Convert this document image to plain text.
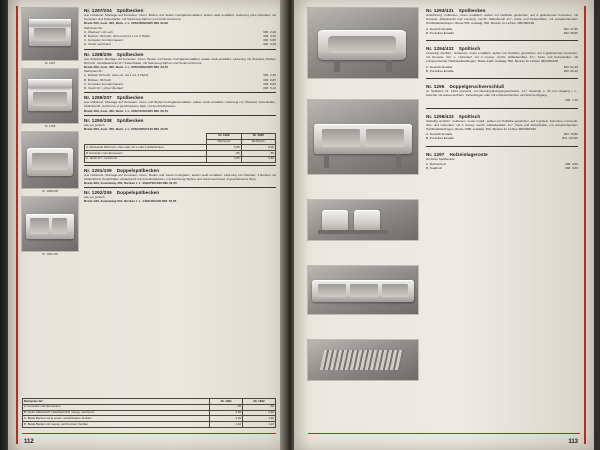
Nr. 1287
Nr. 1288
Nr. 1289/208
Nr. 1291/109
Nr. 1287/204 Spülbecken
aus Usbelonit. Montage auf Konsolen. Innen, Boden und Seiten hochglanzemailliert, außen weiß emailliert. Lieferung ohne Überlauf, mit Konsolen und Kettenhalter, mit Steinzeug-Siphon und Ventil verchromt.
Breite 500, Ausl. 400, Beck. t. L. 525/C380/C285 RM. 32,90
Mehrpreis für:
A. Überlauf, mit Loch	RM. 2,20
B. Rücken, 80 hoch, ohne und mit 1 od. 2 Hahnl.	RM. 4,20
C. Konsolen zum Einmauern	RM. 6,65
D. Ventil, verchromt	RM. 4,45
Nr. 1288/206 Spülbecken
aus Usbelonit. Montage auf Konsolen. Innen, Boden und Seiten hochglanzemailliert, außen weiß emailliert. Lieferung mit Überlauf, Rücken 80 hoch, mit Ablaufventil 1¼" Kettenhalter, mit Steinzeug-Siphon und Ventil verchromt.
Breite 600, Ausl. 450, Beck. t. L. 525/C380/C285 RM. 33,70
Mehrpreis für:
A. Rücken 80 hoch, ohne od. mit 1 od. 2 Hahnl.	RM. 4,35
B. Rücken, 80 hoch	RM. 8,85
C. Konsolen zum Einmauern	RM. 6,65
D. Ventil 1¼", ohne Überlauf	RM. 5,10
Nr. 1289/207 Spülbecken
aus Usbelonit. Montage auf Konsolen. Innen und Boden hochglanzemailliert, außen weiß emailliert. Lieferung mit Überlauf, Kettenhalter, Ablaufventil, verchromt, Z geschlossene Sieb, mit Anschlußstutzen.
Breite 600, Ausl. 450, Beck. t. L. 520/C400/C300 RM. 26,70
Nr. 1290/208 Spülbecken
wie vor, jedoch
Breite 600, Ausl. 450, Beck. t. L. 570/C385/C140 RM. 26,55
	Nr. 1289	Nr. 1290
	Mehrpreis	Mehrpreis
A. Rückwand 300 hoch, ohne oder mit 1 oder 2 Hahnlöchern	6,55	8,30
B. Konsolen zum Einmauern	-,55	-,55
C. Ventil 1¼", verchromt	2,65	2,65
Nr. 1291/109 Doppelspülbecken
aus Usbelonit. Montage auf Konsolen. Innen, Boden und Seiten hochglanz, außen weiß emailliert. Lieferung mit Überlauf, 1 Becken mit Abdeckbrett, Kettenhalter, Ablaufventil mit Anschlußstutzen, mit Steinzeug-Siphon und Ventil verchromt, Z geschlossene Sieb.
Breite 900, Ausladung 450, Becken t. L. 400/370/C180 RM. 61,55
Nr. 1292/209 Doppelspülbecken
wie vor, jedoch
Breite 930, Ausladung 510, Becken t. L. 1403/420/220 RM. 76,65
Mehrpreis für:	Nr. 1291	Nr. 1292
A. Konsolen zum Einmauern	-,55	-,55
B. Ventil, Ablaufmuff, Ueberlaufmuff, messg. verchromt	2,65	2,65
C. Beide Becken mit je einem, verschiedene Ventilen	1,40	1,40
D. Beide Becken mit messg. verchromten Ventilen	1,10	1,10
112
Nr. 1293/431 Spülbecken
Ausführung: Gußeisen, innen emailliert, außen mit Oelfarbe gestrichen, auf 2 gußeisernen Konsolen, mit Konsole, Ablaufventil und messing. verchr. Ablaufventil 1¼", Kette und Kettenhalter, mit entsprechendem Hartbleiablaufbogen, Breite 550, Ausladg. 500, Becken im Lichten 485/480/180
A. Deutsch-Emaille	RM. 27,85
B. Porzellan-Emaille	RM. 55,85
Nr. 1294/432 Spültisch
zweiteilig, Ausführ.: Gußeisen, innen emailliert, außen mit Oelfarbe gestrichen, auf 4 gußeisernen Konsolen, mit Konsole, Abl. u. Ueberlauf, mit 2 messg. verchr. Ablaufventilen 1¼", Kette und Kettenhalter, mit entsprechender Hartbleiablaufbogen, Breite 1120, Ausladg. 500, Becken im Lichten 485/480/180
A. Deutsch-Emaille	RM. 51,40
B. Porzellan-Emaille	RM. 69,40
Nr. 1295 Doppelgeruchverschluß
zu Spültisch Nr. 1294 passend, mit Messing-Reinigungsschraub., 1¼" Gewinde u. 50 mm Abgang i. L., lieferbar mit wasserrechtem, Kettenbogen oder mit entsprechendem verchromte Abgang
RM. 7,40
Nr. 1296/433 Spültisch
dreiteilig, Ausführ.: Gußeisen, innen emaill., außen mit Oelfarbe gestrichen, auf 4 gußeis. Konsolen, mit komb. Abs- und Ueberlauf, mit 3 messg. verchr. Ablaufventilen 1¼", Kette und Kettenhalter, mit entsprechendem Hartbleiablaufbogen, Breite 1680, Ausladg. 500, Becken im Lichten 485/480/180
A. Deutsch-Emaille	RM. 79,85
B. Porzellan-Emaille	RM. 103,60
Nr. 1297 Holzeinlageroste
für diese Spülbecken
A. Buchenholz	RM. 3,60
B. Teakholz	RM. 6,60
113
